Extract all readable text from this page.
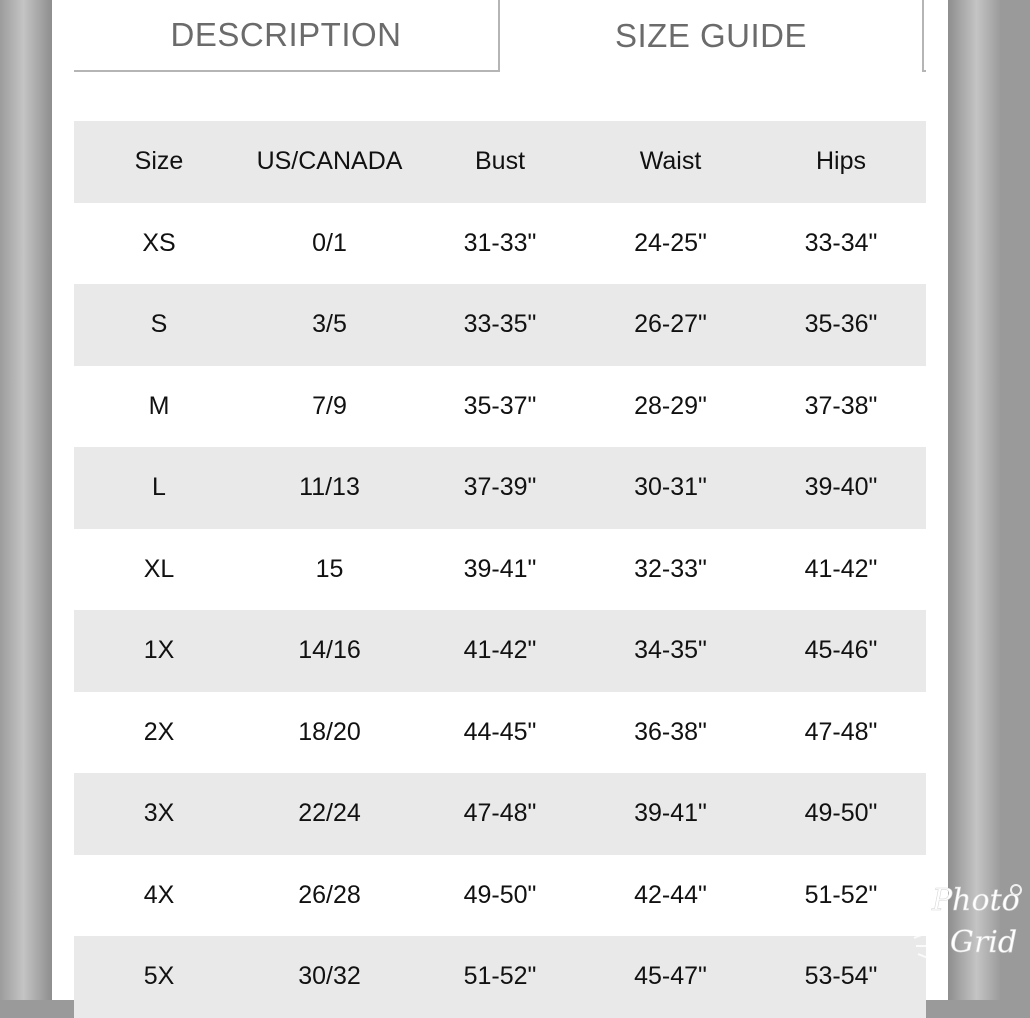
DESCRIPTION	SIZE GUIDE
Size	US/CANADA	Bust	Waist	Hips
XS	0/1	31-33"	24-25"	33-34"
S	3/5	33-35"	26-27"	35-36"
M	7/9	35-37"	28-29"	37-38"
L	11/13	37-39"	30-31"	39-40"
XL	15	39-41"	32-33"	41-42"
1X	14/16	41-42"	34-35"	45-46"
2X	18/20	44-45"	36-38"	47-48"
3X	22/24	47-48"	39-41"	49-50"
4X	26/28	49-50"	42-44"	51-52"
5X	30/32	51-52"	45-47"	53-54"
Photo
Grid
